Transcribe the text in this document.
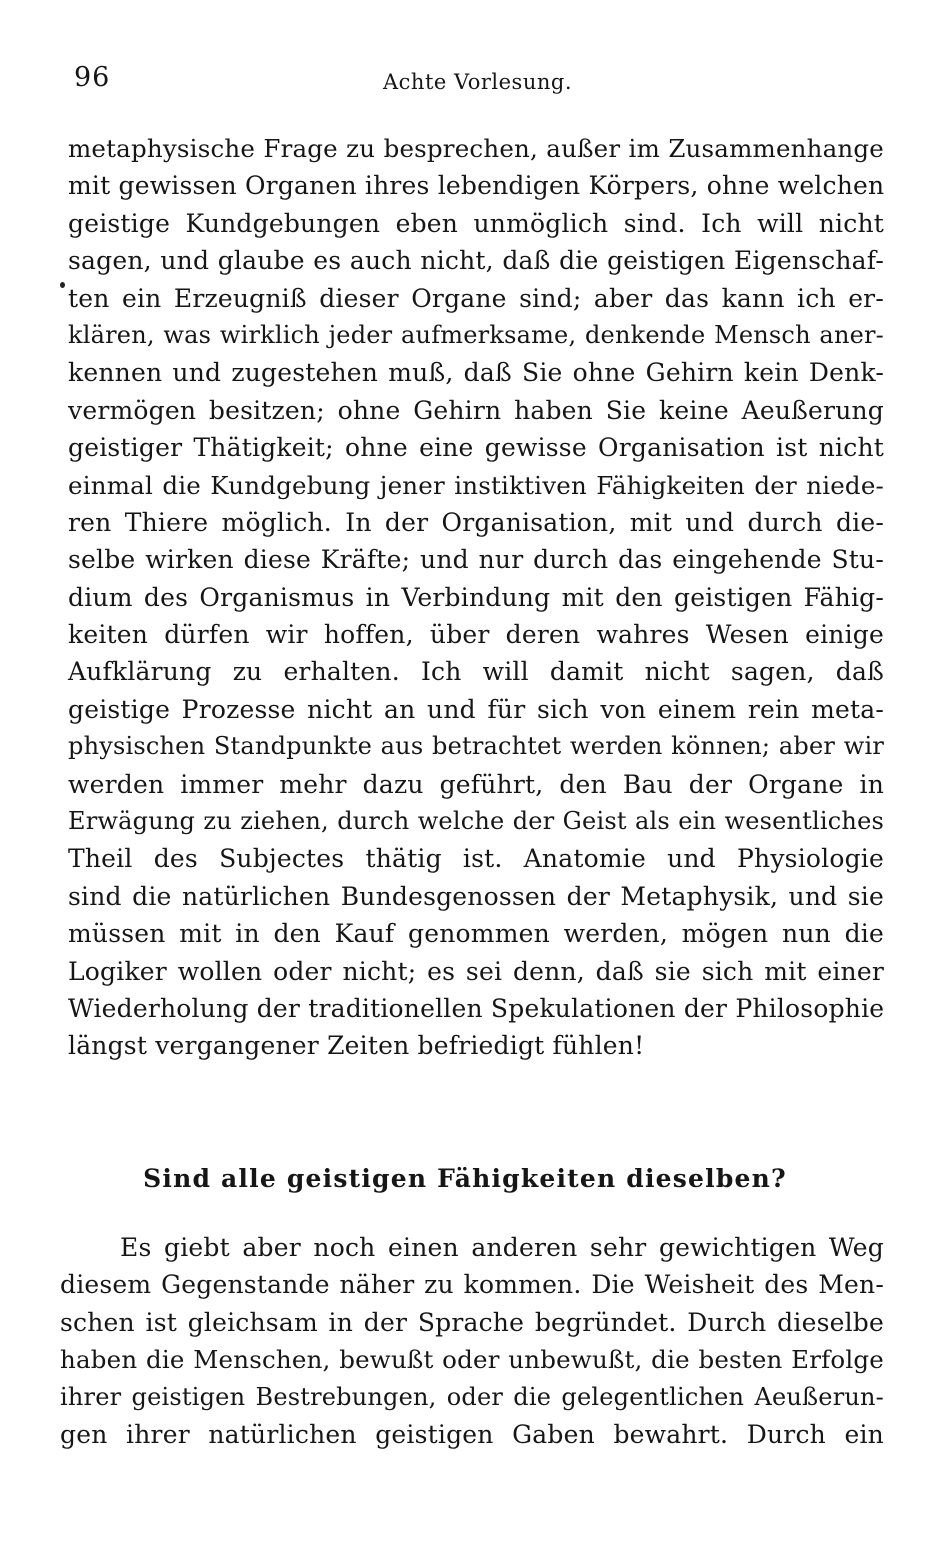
96	Achte Vorlesung.
metaphysische Frage zu besprechen, außer im Zusammenhange
mit gewissen Organen ihres lebendigen Körpers, ohne welchen
geistige Kundgebungen eben unmöglich sind. Ich will nicht
sagen, und glaube es auch nicht, daß die geistigen Eigenschaf-
ten ein Erzeugniß dieser Organe sind; aber das kann ich er-
klären, was wirklich jeder aufmerksame, denkende Mensch aner-
kennen und zugestehen muß, daß Sie ohne Gehirn kein Denk-
vermögen besitzen; ohne Gehirn haben Sie keine Aeußerung
geistiger Thätigkeit; ohne eine gewisse Organisation ist nicht
einmal die Kundgebung jener instiktiven Fähigkeiten der niede-
ren Thiere möglich. In der Organisation, mit und durch die-
selbe wirken diese Kräfte; und nur durch das eingehende Stu-
dium des Organismus in Verbindung mit den geistigen Fähig-
keiten dürfen wir hoffen, über deren wahres Wesen einige
Aufklärung zu erhalten. Ich will damit nicht sagen, daß
geistige Prozesse nicht an und für sich von einem rein meta-
physischen Standpunkte aus betrachtet werden können; aber wir
werden immer mehr dazu geführt, den Bau der Organe in
Erwägung zu ziehen, durch welche der Geist als ein wesentliches
Theil des Subjectes thätig ist. Anatomie und Physiologie
sind die natürlichen Bundesgenossen der Metaphysik, und sie
müssen mit in den Kauf genommen werden, mögen nun die
Logiker wollen oder nicht; es sei denn, daß sie sich mit einer
Wiederholung der traditionellen Spekulationen der Philosophie
längst vergangener Zeiten befriedigt fühlen!
Sind alle geistigen Fähigkeiten dieselben?
Es giebt aber noch einen anderen sehr gewichtigen Weg
diesem Gegenstande näher zu kommen. Die Weisheit des Men-
schen ist gleichsam in der Sprache begründet. Durch dieselbe
haben die Menschen, bewußt oder unbewußt, die besten Erfolge
ihrer geistigen Bestrebungen, oder die gelegentlichen Aeußerun-
gen ihrer natürlichen geistigen Gaben bewahrt. Durch ein
